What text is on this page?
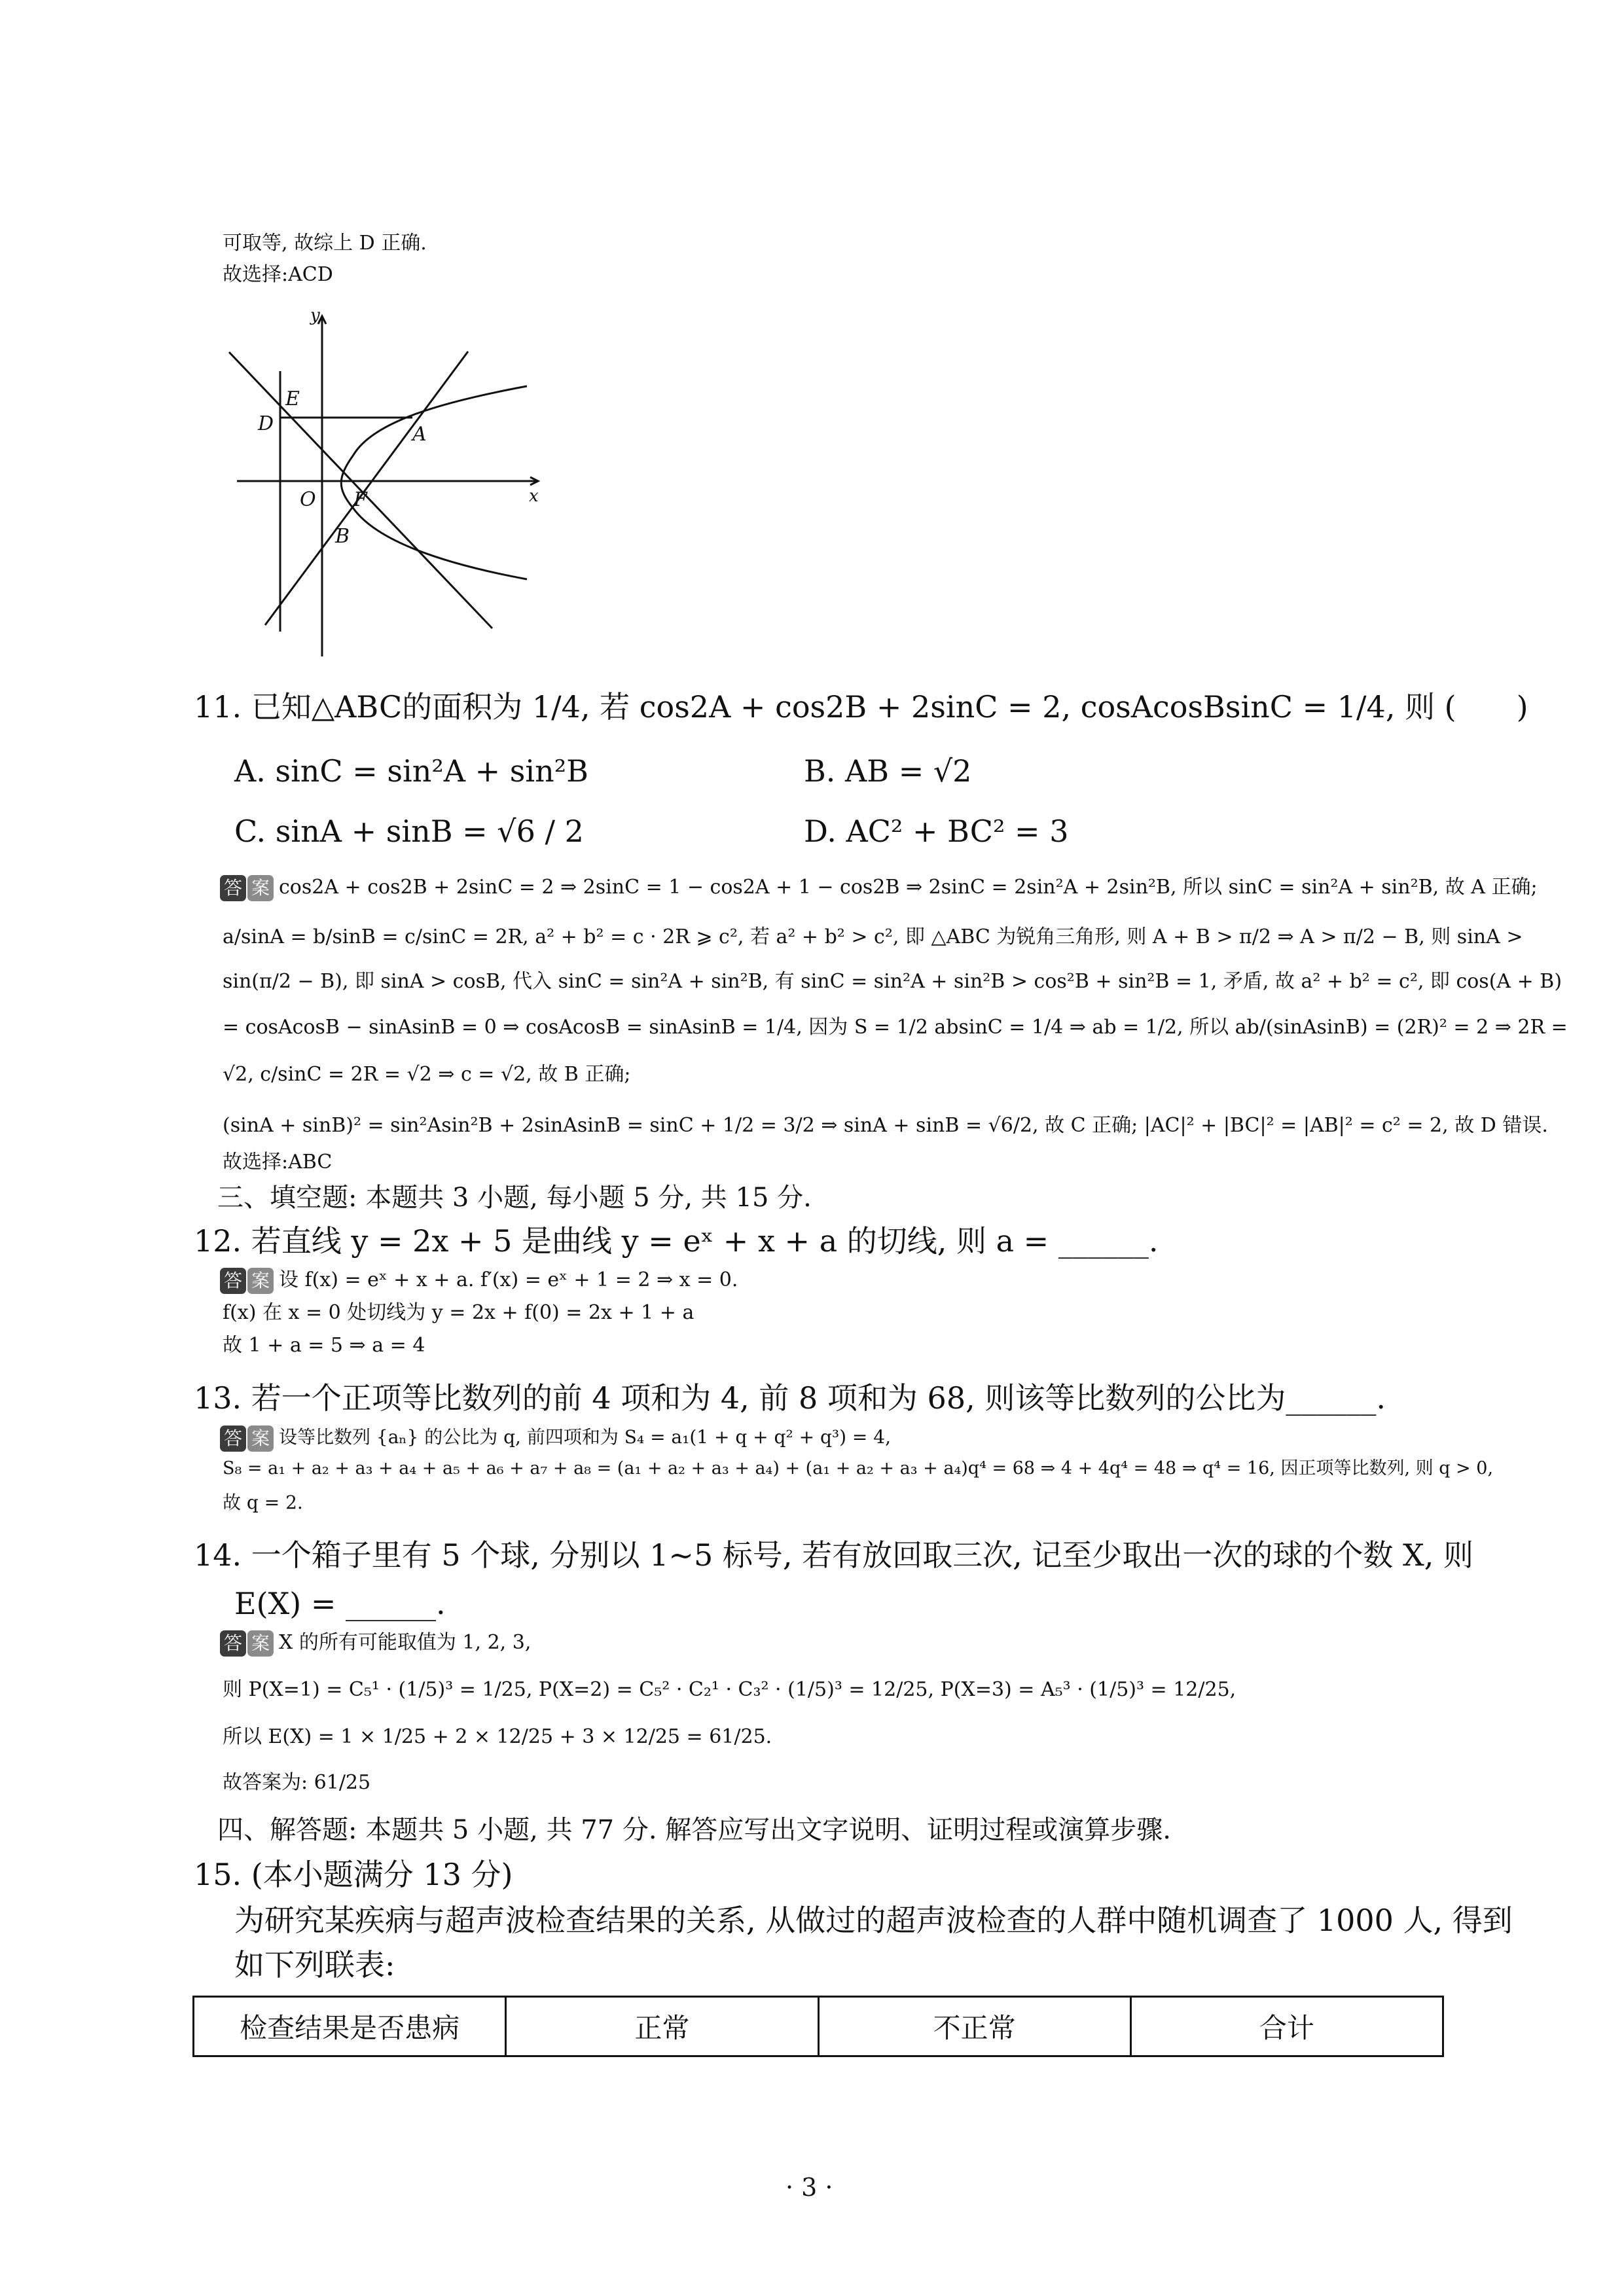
可取等, 故综上 D 正确.
故选择:ACD
y
x
E
D	A
O F
B
11. 已知△ABC的面积为 1/4, 若 cos2A + cos2B + 2sinC = 2, cosAcosBsinC = 1/4, 则 (　　)
A. sinC = sin²A + sin²B	B. AB = √2
C. sinA + sinB = √6 / 2	D. AC² + BC² = 3
答 案 cos2A + cos2B + 2sinC = 2 ⇒ 2sinC = 1 − cos2A + 1 − cos2B ⇒ 2sinC = 2sin²A + 2sin²B, 所以 sinC = sin²A + sin²B, 故 A 正确;
a/sinA = b/sinB = c/sinC = 2R, a² + b² = c · 2R ⩾ c², 若 a² + b² > c², 即 △ABC 为锐角三角形, 则 A + B > π/2 ⇒ A > π/2 − B, 则 sinA >
sin(π/2 − B), 即 sinA > cosB, 代入 sinC = sin²A + sin²B, 有 sinC = sin²A + sin²B > cos²B + sin²B = 1, 矛盾, 故 a² + b² = c², 即 cos(A + B)
= cosAcosB − sinAsinB = 0 ⇒ cosAcosB = sinAsinB = 1/4, 因为 S = 1/2 absinC = 1/4 ⇒ ab = 1/2, 所以 ab/(sinAsinB) = (2R)² = 2 ⇒ 2R =
√2, c/sinC = 2R = √2 ⇒ c = √2, 故 B 正确;
(sinA + sinB)² = sin²Asin²B + 2sinAsinB = sinC + 1/2 = 3/2 ⇒ sinA + sinB = √6/2, 故 C 正确; |AC|² + |BC|² = |AB|² = c² = 2, 故 D 错误.
故选择:ABC
三、填空题: 本题共 3 小题, 每小题 5 分, 共 15 分.
12. 若直线 y = 2x + 5 是曲线 y = eˣ + x + a 的切线, 则 a = ______.
答 案 设 f(x) = eˣ + x + a. f′(x) = eˣ + 1 = 2 ⇒ x = 0.
f(x) 在 x = 0 处切线为 y = 2x + f(0) = 2x + 1 + a
故 1 + a = 5 ⇒ a = 4
13. 若一个正项等比数列的前 4 项和为 4, 前 8 项和为 68, 则该等比数列的公比为______.
答 案 设等比数列 {aₙ} 的公比为 q, 前四项和为 S₄ = a₁(1 + q + q² + q³) = 4,
S₈ = a₁ + a₂ + a₃ + a₄ + a₅ + a₆ + a₇ + a₈ = (a₁ + a₂ + a₃ + a₄) + (a₁ + a₂ + a₃ + a₄)q⁴ = 68 ⇒ 4 + 4q⁴ = 48 ⇒ q⁴ = 16, 因正项等比数列, 则 q > 0,
故 q = 2.
14. 一个箱子里有 5 个球, 分别以 1~5 标号, 若有放回取三次, 记至少取出一次的球的个数 X, 则
E(X) = ______.
答 案 X 的所有可能取值为 1, 2, 3,
则 P(X=1) = C₅¹ · (1/5)³ = 1/25, P(X=2) = C₅² · C₂¹ · C₃² · (1/5)³ = 12/25, P(X=3) = A₅³ · (1/5)³ = 12/25,
所以 E(X) = 1 × 1/25 + 2 × 12/25 + 3 × 12/25 = 61/25.
故答案为: 61/25
四、解答题: 本题共 5 小题, 共 77 分. 解答应写出文字说明、证明过程或演算步骤.
15. (本小题满分 13 分)
为研究某疾病与超声波检查结果的关系, 从做过的超声波检查的人群中随机调查了 1000 人, 得到
如下列联表:
检查结果是否患病	正常	不正常	合计
· 3 ·
